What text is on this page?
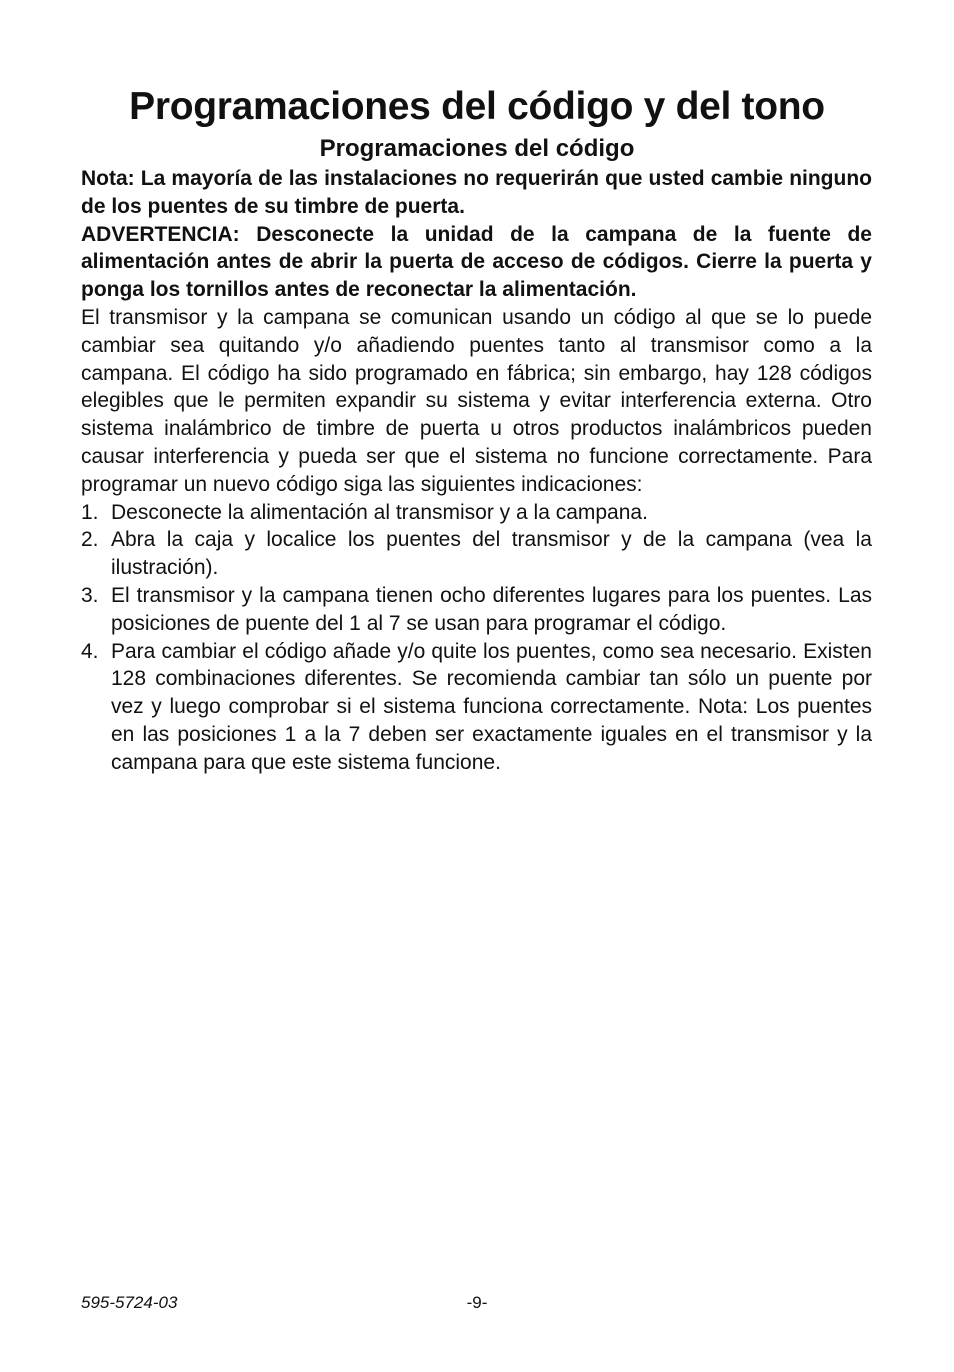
Programaciones del código y del tono
Programaciones del código

Nota: La mayoría de las instalaciones no requerirán que usted cambie ninguno de los puentes de su timbre de puerta.

ADVERTENCIA: Desconecte la unidad de la campana de la fuente de alimentación antes de abrir la puerta de acceso de códigos. Cierre la puerta y ponga los tornillos antes de reconectar la alimentación.

El transmisor y la campana se comunican usando un código al que se lo puede cambiar sea quitando y/o añadiendo puentes tanto al transmisor como a la campana. El código ha sido programado en fábrica; sin embargo, hay 128 códigos elegibles que le permiten expandir su sistema y evitar interferencia externa. Otro sistema inalámbrico de timbre de puerta u otros productos inalámbricos pueden causar interferencia y pueda ser que el sistema no funcione correctamente. Para programar un nuevo código siga las siguientes indicaciones:

1. Desconecte la alimentación al transmisor y a la campana.
2. Abra la caja y localice los puentes del transmisor y de la campana (vea la ilustración).
3. El transmisor y la campana tienen ocho diferentes lugares para los puentes. Las posiciones de puente del 1 al 7 se usan para programar el código.
4. Para cambiar el código añade y/o quite los puentes, como sea necesario. Existen 128 combinaciones diferentes. Se recomienda cambiar tan sólo un puente por vez y luego comprobar si el sistema funciona correctamente. Nota: Los puentes en las posiciones 1 a la 7 deben ser exactamente iguales en el transmisor y la campana para que este sistema funcione.
595-5724-03	-9-
